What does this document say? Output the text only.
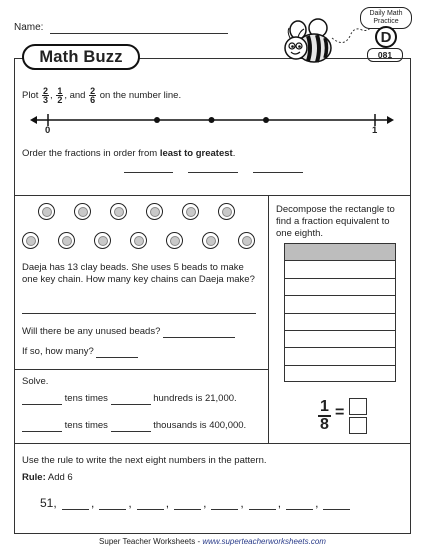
Name:
Math Buzz
Daily Math Practice
D
081
Plot $\frac{2}{3}$ , $\frac{1}{2}$ , and $\frac{2}{6}$ on the number line.
0	1
Order the fractions in order from least to greatest.
Daeja has 13 clay beads. She uses 5 beads to make one key chain. How many key chains can Daeja make?
Will there be any unused beads?
If so, how many?
Decompose the rectangle to find a fraction equivalent to one eighth.
1
8
=
Solve.
tens times	hundreds is 21,000.
tens times	thousands is 400,000.
Use the rule to write the next eight numbers in the pattern.
Rule: Add 6
51,	,	,	,	,	,	,	,
Super Teacher Worksheets - www.superteacherworksheets.com
